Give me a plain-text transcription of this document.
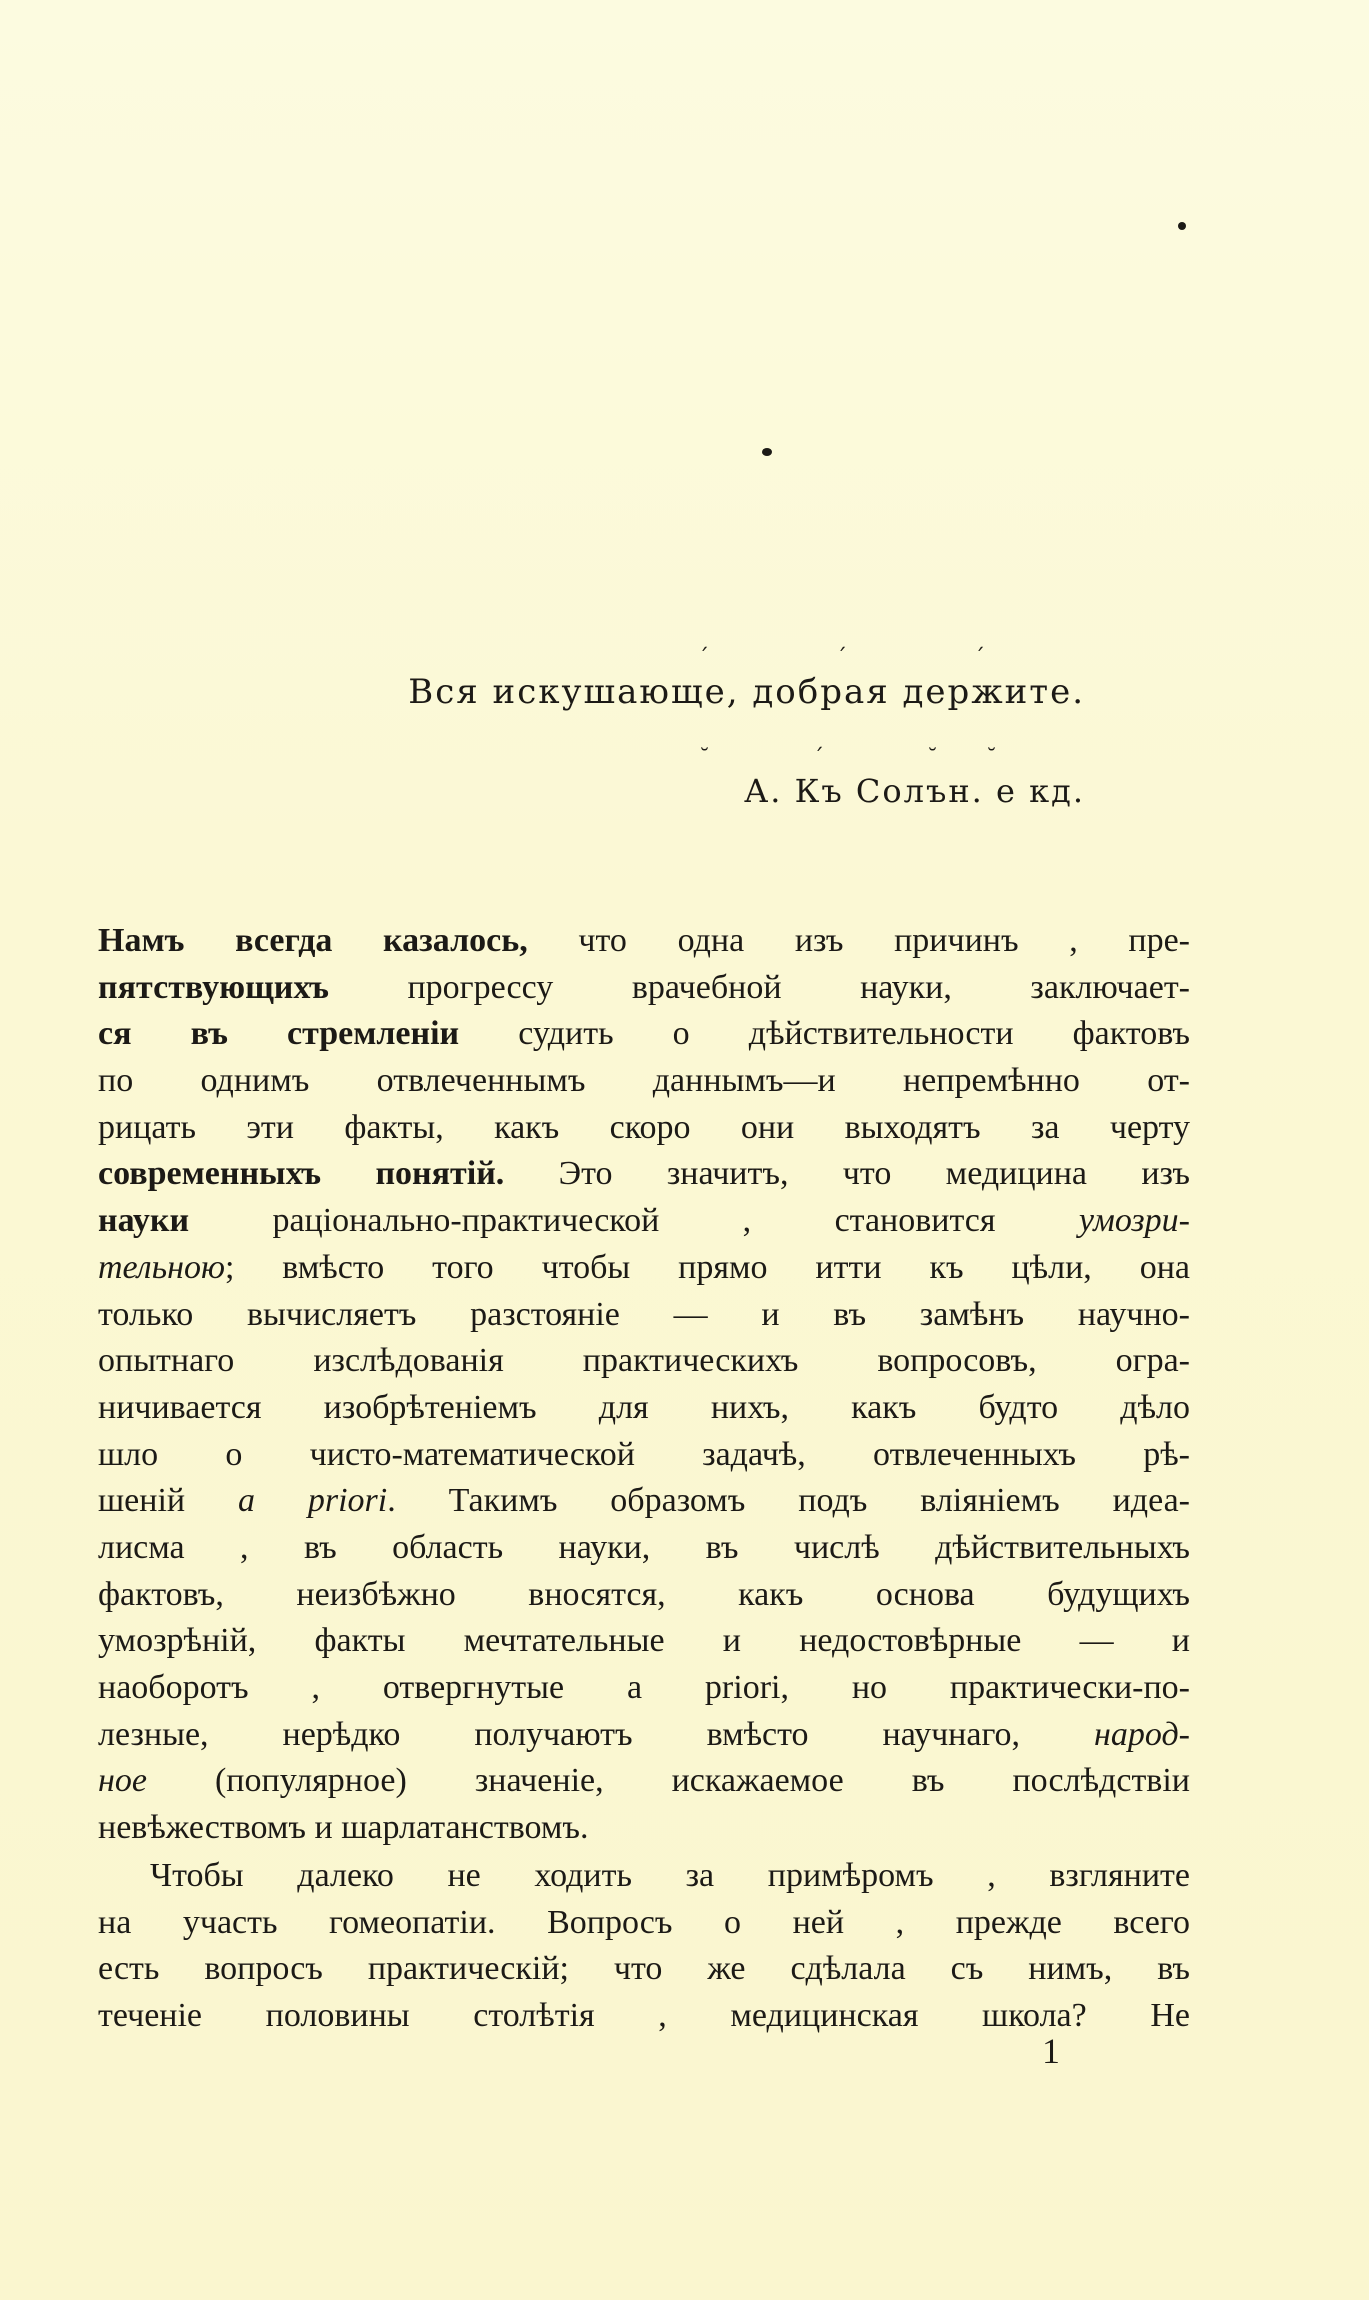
´ ´ ´
Вся искушающе, добрая держите.
˘ ´ ˘˘
А. Къ Солън. е кд.
Намъ всегда казалось, что одна изъ причинъ , пре-
пятствующихъ прогрессу врачебной науки, заключает-
ся въ стремленіи судить о дѣйствительности фактовъ
по однимъ отвлеченнымъ даннымъ—и непремѣнно от-
рицать эти факты, какъ скоро они выходятъ за черту
современныхъ понятій. Это значитъ, что медицина изъ
науки раціонально-практической , становится умозри-
тельною; вмѣсто того чтобы прямо итти къ цѣли, она
только вычисляетъ разстояніе — и въ замѣнъ научно-
опытнаго изслѣдованія практическихъ вопросовъ, огра-
ничивается изобрѣтеніемъ для нихъ, какъ будто дѣло
шло о чисто-математической задачѣ, отвлеченныхъ рѣ-
шеній a priori. Такимъ образомъ подъ вліяніемъ идеа-
лисма , въ область науки, въ числѣ дѣйствительныхъ
фактовъ, неизбѣжно вносятся, какъ основа будущихъ
умозрѣній, факты мечтательные и недостовѣрные — и
наоборотъ , отвергнутые a priori, но практически-по-
лезные, нерѣдко получаютъ вмѣсто научнаго, народ-
ное (популярное) значеніе, искажаемое въ послѣдствіи
невѣжествомъ и шарлатанствомъ.
Чтобы далеко не ходить за примѣромъ , взгляните
на участь гомеопатіи. Вопросъ о ней , прежде всего
есть вопросъ практическій; что же сдѣлала съ нимъ, въ
теченіе половины столѣтія , медицинская школа? Не
1
